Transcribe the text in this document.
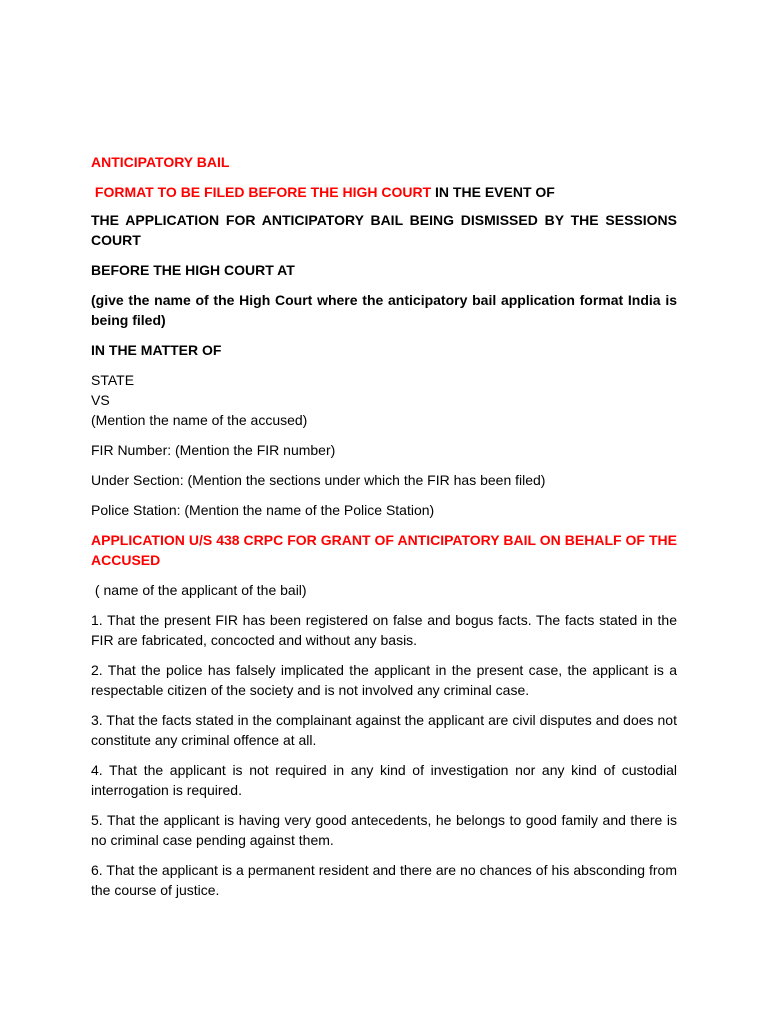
ANTICIPATORY BAIL

FORMAT TO BE FILED BEFORE THE HIGH COURT IN THE EVENT OF

THE APPLICATION FOR ANTICIPATORY BAIL BEING DISMISSED BY THE SESSIONS COURT

BEFORE THE HIGH COURT AT

(give the name of the High Court where the anticipatory bail application format India is being filed)

IN THE MATTER OF

STATE
VS
(Mention the name of the accused)

FIR Number: (Mention the FIR number)

Under Section: (Mention the sections under which the FIR has been filed)

Police Station: (Mention the name of the Police Station)

APPLICATION U/S 438 CRPC FOR GRANT OF ANTICIPATORY BAIL ON BEHALF OF THE ACCUSED

( name of the applicant of the bail)

1. That the present FIR has been registered on false and bogus facts. The facts stated in the FIR are fabricated, concocted and without any basis.

2. That the police has falsely implicated the applicant in the present case, the applicant is a respectable citizen of the society and is not involved any criminal case.

3. That the facts stated in the complainant against the applicant are civil disputes and does not constitute any criminal offence at all.

4. That the applicant is not required in any kind of investigation nor any kind of custodial interrogation is required.

5. That the applicant is having very good antecedents, he belongs to good family and there is no criminal case pending against them.

6. That the applicant is a permanent resident and there are no chances of his absconding from the course of justice.
